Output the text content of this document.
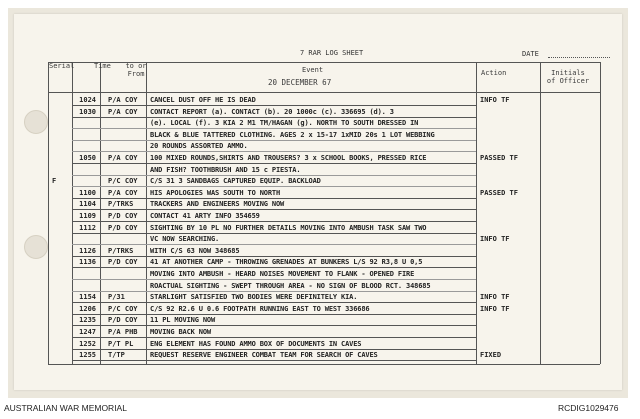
7 RAR LOG SHEET	DATE
Serial	Time to or From	Event
20 DECEMBER 67
Action	Initials of Officer
1024 P/A COY CANCEL DUST OFF HE IS DEAD	INFO TF
1030 P/A COY CONTACT REPORT (a). CONTACT (b). 20 1000c (c). 336695 (d). 3
(e). LOCAL (f). 3 KIA 2 M1 TM/HAGAN (g). NORTH TO SOUTH DRESSED IN
BLACK & BLUE TATTERED CLOTHING. AGES 2 x 15-17 1xMID 20s 1 LOT WEBBING
20 ROUNDS ASSORTED AMMO.
1050 P/A COY 100 MIXED ROUNDS,SHIRTS AND TROUSERS? 3 x SCHOOL BOOKS, PRESSED RICE	PASSED TF
AND FISH? TOOTHBRUSH AND 15 c PIESTA.
F	P/C COY C/S 31 3 SANDBAGS CAPTURED EQUIP. BACKLOAD
1100 P/A COY HIS APOLOGIES WAS SOUTH TO NORTH	PASSED TF
1104 P/TRKS TRACKERS AND ENGINEERS MOVING NOW
1109 P/D COY CONTACT 41 ARTY INFO 354659
1112 P/D COY SIGHTING BY 10 PL NO FURTHER DETAILS MOVING INTO AMBUSH TASK SAW TWO
VC NOW SEARCHING.	INFO TF
1126 P/TRKS WITH C/S 63 NOW 348685
1136 P/D COY 41 AT ANOTHER CAMP - THROWING GRENADES AT BUNKERS L/S 92 R3,8 U 0,5
MOVING INTO AMBUSH - HEARD NOISES MOVEMENT TO FLANK - OPENED FIRE
ROACTUAL SIGHTING - SWEPT THROUGH AREA - NO SIGN OF BLOOD RCT. 348685
1154 P/31	STARLIGHT SATISFIED TWO BODIES WERE DEFINITELY KIA.	INFO TF
1206 P/C COY C/S 92 R2.6 U 0.6 FOOTPATH RUNNING EAST TO WEST 336686	INFO TF
1235 P/D COY 11 PL MOVING NOW
1247 P/A PHB MOVING BACK NOW
1252 P/T PL ENG ELEMENT HAS FOUND AMMO BOX OF DOCUMENTS IN CAVES
1255 T/TP	REQUEST RESERVE ENGINEER COMBAT TEAM FOR SEARCH OF CAVES	FIXED
AUSTRALIAN WAR MEMORIAL	RCDIG1029476
